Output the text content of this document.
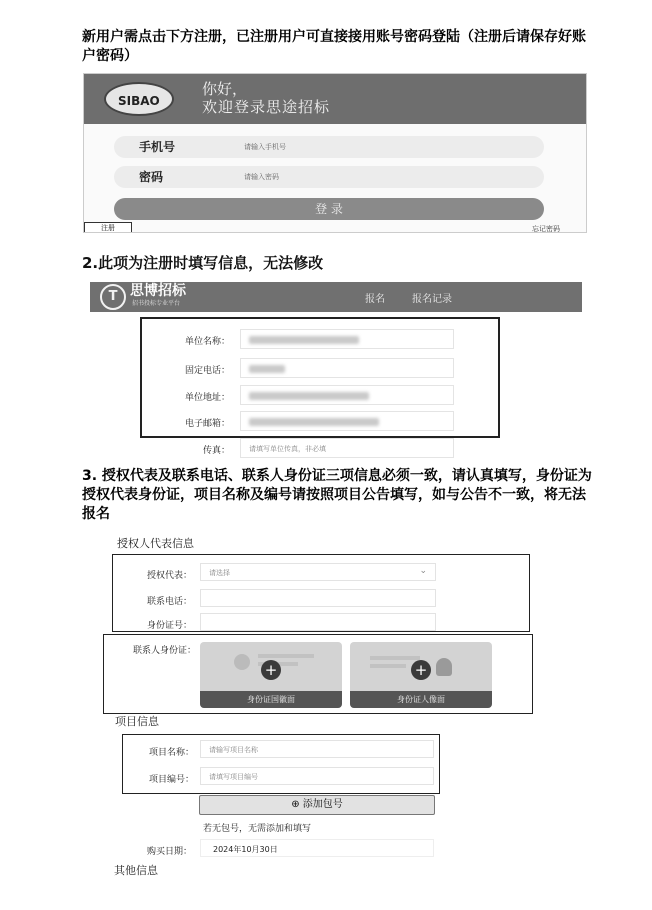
新用户需点击下方注册，已注册用户可直接接用账号密码登陆（注册后请保存好账户密码）
SIBAO
你好，
欢迎登录思途招标
手机号	请输入手机号
密码	请输入密码
登 录
注册	忘记密码
2.此项为注册时填写信息，无法修改
T 思博招标
招书投标专业平台	报名	报名记录
单位名称：
固定电话：
单位地址：
电子邮箱：
传真：	请填写单位传真，非必填
3. 授权代表及联系电话、联系人身份证三项信息必须一致，请认真填写，身份证为授权代表身份证，项目名称及编号请按照项目公告填写，如与公告不一致，将无法报名
授权人代表信息
授权代表： 请选择	⌄
联系电话：
身份证号：
联系人身份证：
+
身份证国徽面
+
身份证人像面
项目信息
项目名称： 请输写项目名称
项目编号： 请填写项目编号
⊕ 添加包号
若无包号，无需添加和填写
购买日期：	2024年10月30日
其他信息
